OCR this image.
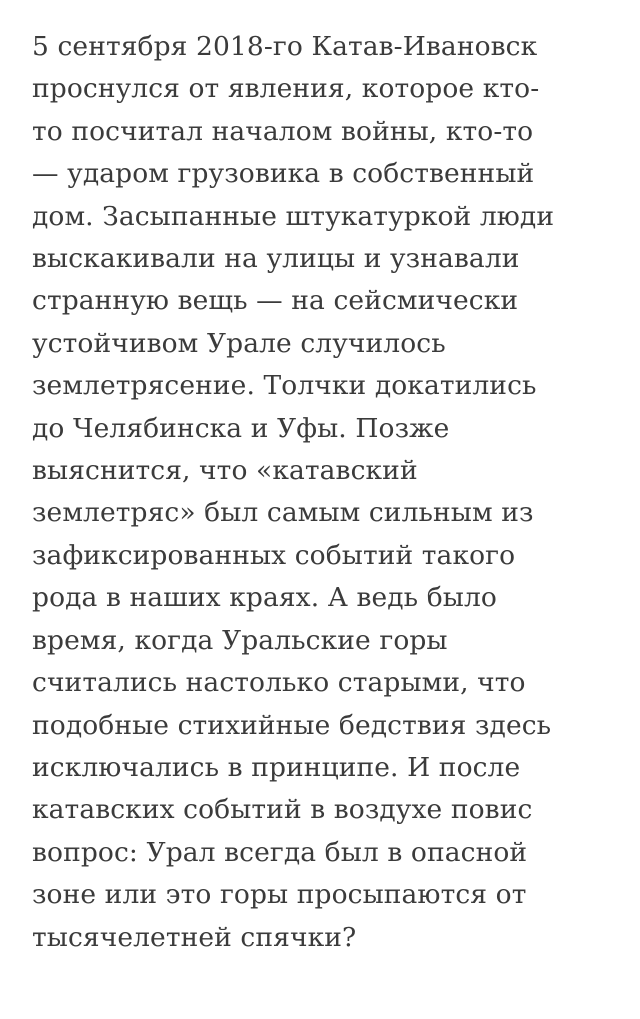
5 сентября 2018-го Катав-Ивановск
проснулся от явления, которое кто-
то посчитал началом войны, кто-то
— ударом грузовика в собственный
дом. Засыпанные штукатуркой люди
выскакивали на улицы и узнавали
странную вещь — на сейсмически
устойчивом Урале случилось
землетрясение. Толчки докатились
до Челябинска и Уфы. Позже
выяснится, что «катавский
землетряс» был самым сильным из
зафиксированных событий такого
рода в наших краях. А ведь было
время, когда Уральские горы
считались настолько старыми, что
подобные стихийные бедствия здесь
исключались в принципе. И после
катавских событий в воздухе повис
вопрос: Урал всегда был в опасной
зоне или это горы просыпаются от
тысячелетней спячки?
